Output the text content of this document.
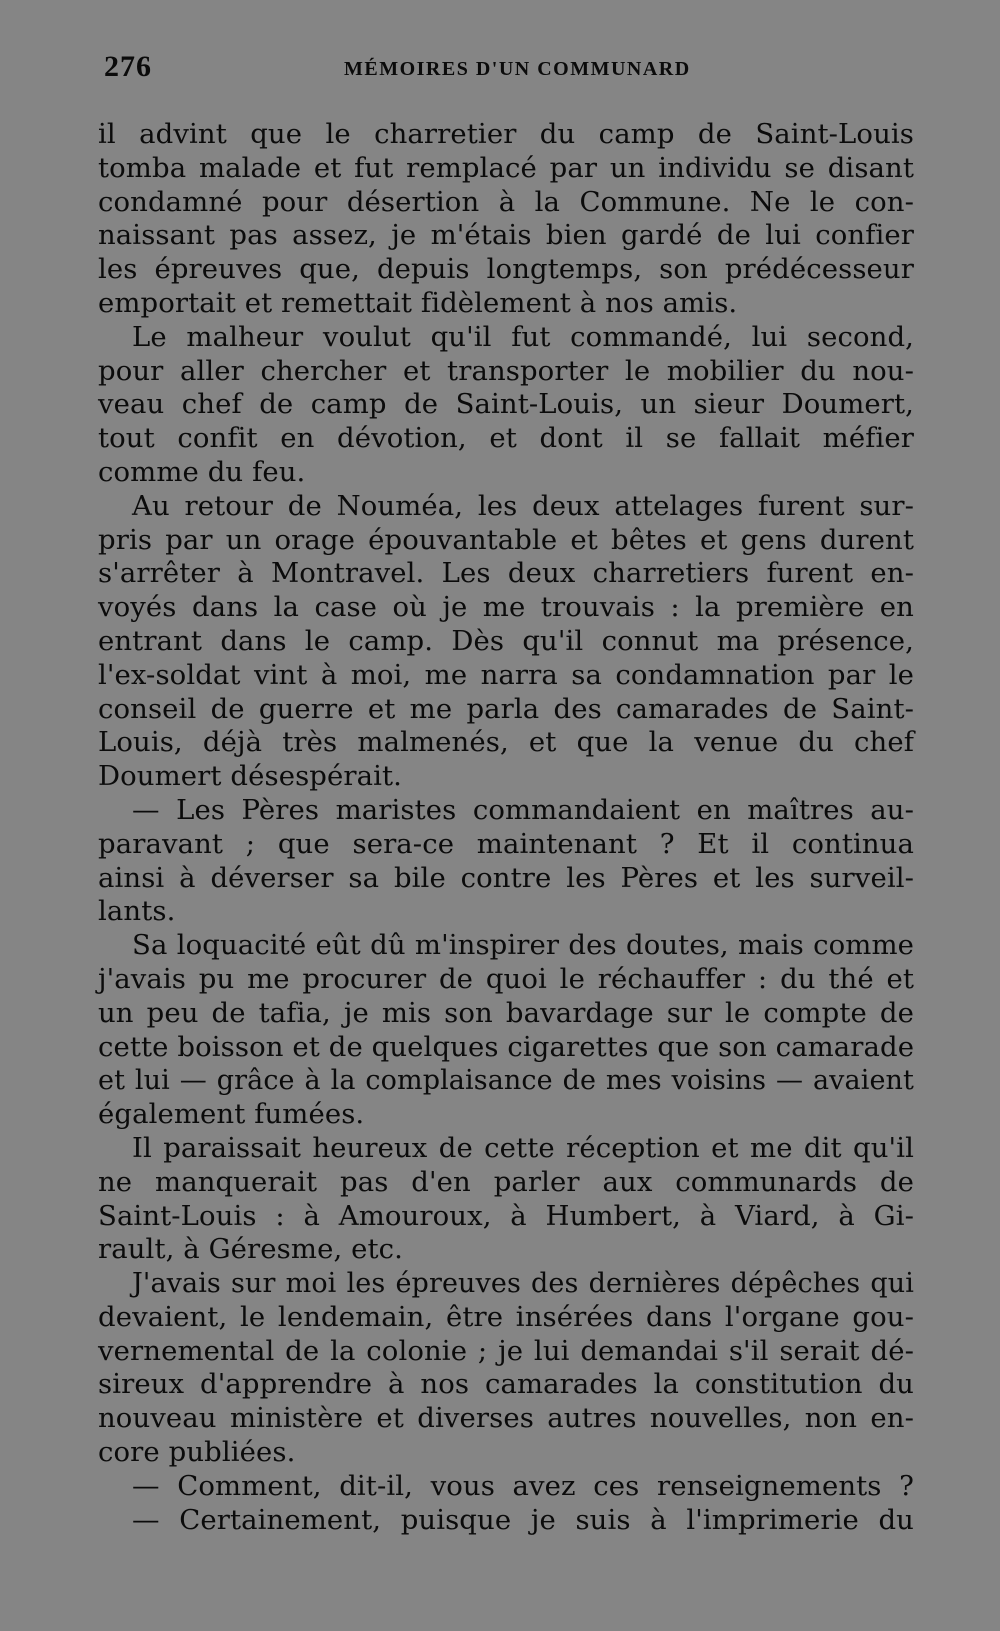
276	MÉMOIRES D'UN COMMUNARD
il advint que le charretier du camp de Saint-Louis
tomba malade et fut remplacé par un individu se disant
condamné pour désertion à la Commune. Ne le con-
naissant pas assez, je m'étais bien gardé de lui confier
les épreuves que, depuis longtemps, son prédécesseur
emportait et remettait fidèlement à nos amis.
Le malheur voulut qu'il fut commandé, lui second,
pour aller chercher et transporter le mobilier du nou-
veau chef de camp de Saint-Louis, un sieur Doumert,
tout confit en dévotion, et dont il se fallait méfier
comme du feu.
Au retour de Nouméa, les deux attelages furent sur-
pris par un orage épouvantable et bêtes et gens durent
s'arrêter à Montravel. Les deux charretiers furent en-
voyés dans la case où je me trouvais : la première en
entrant dans le camp. Dès qu'il connut ma présence,
l'ex-soldat vint à moi, me narra sa condamnation par le
conseil de guerre et me parla des camarades de Saint-
Louis, déjà très malmenés, et que la venue du chef
Doumert désespérait.
— Les Pères maristes commandaient en maîtres au-
paravant ; que sera-ce maintenant ? Et il continua
ainsi à déverser sa bile contre les Pères et les surveil-
lants.
Sa loquacité eût dû m'inspirer des doutes, mais comme
j'avais pu me procurer de quoi le réchauffer : du thé et
un peu de tafia, je mis son bavardage sur le compte de
cette boisson et de quelques cigarettes que son camarade
et lui — grâce à la complaisance de mes voisins — avaient
également fumées.
Il paraissait heureux de cette réception et me dit qu'il
ne manquerait pas d'en parler aux communards de
Saint-Louis : à Amouroux, à Humbert, à Viard, à Gi-
rault, à Géresme, etc.
J'avais sur moi les épreuves des dernières dépêches qui
devaient, le lendemain, être insérées dans l'organe gou-
vernemental de la colonie ; je lui demandai s'il serait dé-
sireux d'apprendre à nos camarades la constitution du
nouveau ministère et diverses autres nouvelles, non en-
core publiées.
— Comment, dit-il, vous avez ces renseignements ?
— Certainement, puisque je suis à l'imprimerie du
